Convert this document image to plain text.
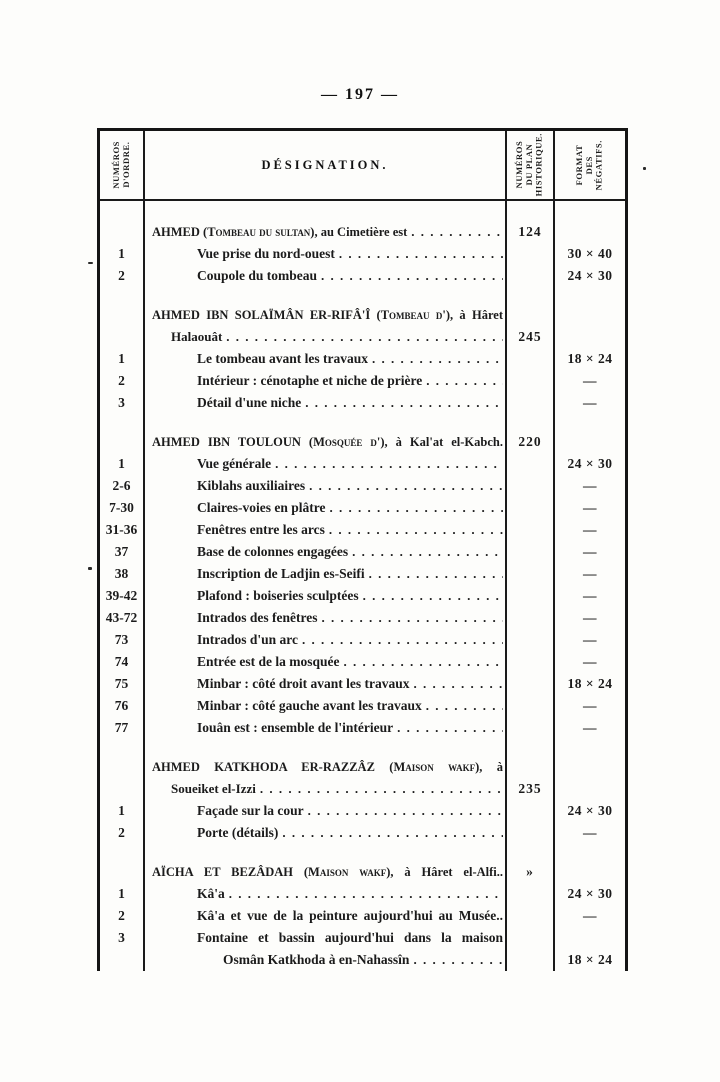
— 197 —
NUMÉROS D'ORDRE.	DÉSIGNATION.	NUMÉROS DU PLAN HISTORIQUE.	FORMAT DES NÉGATIFS.
AHMED (Tombeau du sultan), au Cimetière est . . .	124
1	Vue prise du nord-ouest . . .	30 × 40
2	Coupole du tombeau . . .	24 × 30
AHMED IBN SOLAÏMÂN ER-RIFÂ'Î (Tombeau d'), à Hâret
Halaouât . . .	245
1	Le tombeau avant les travaux . . .	18 × 24
2	Intérieur : cénotaphe et niche de prière . . .	—
3	Détail d'une niche . . .	—
AHMED IBN TOULOUN (Mosquée d'), à Kal'at el-Kabch.	220
1	Vue générale . . .	24 × 30
2-6	Kiblahs auxiliaires . . .	—
7-30	Claires-voies en plâtre . . .	—
31-36	Fenêtres entre les arcs . . .	—
37	Base de colonnes engagées . . .	—
38	Inscription de Ladjin es-Seifi . . .	—
39-42	Plafond : boiseries sculptées . . .	—
43-72	Intrados des fenêtres . . .	—
73	Intrados d'un arc . . .	—
74	Entrée est de la mosquée . . .	—
75	Minbar : côté droit avant les travaux . . .	18 × 24
76	Minbar : côté gauche avant les travaux . . .	—
77	Iouân est : ensemble de l'intérieur . . .	—
AHMED KATKHODA ER-RAZZÂZ (Maison wakf), à
Soueiket el-Izzi . . .	235
1	Façade sur la cour . . .	24 × 30
2	Porte (détails) . . .	—
AÏCHA ET BEZÂDAH (Maison wakf), à Hâret el-Alfi..	»
1	Kâ'a . . .	24 × 30
2	Kâ'a et vue de la peinture aujourd'hui au Musée..	—
3	Fontaine et bassin aujourd'hui dans la maison
Osmân Katkhoda à en-Nahassîn . . .	18 × 24
